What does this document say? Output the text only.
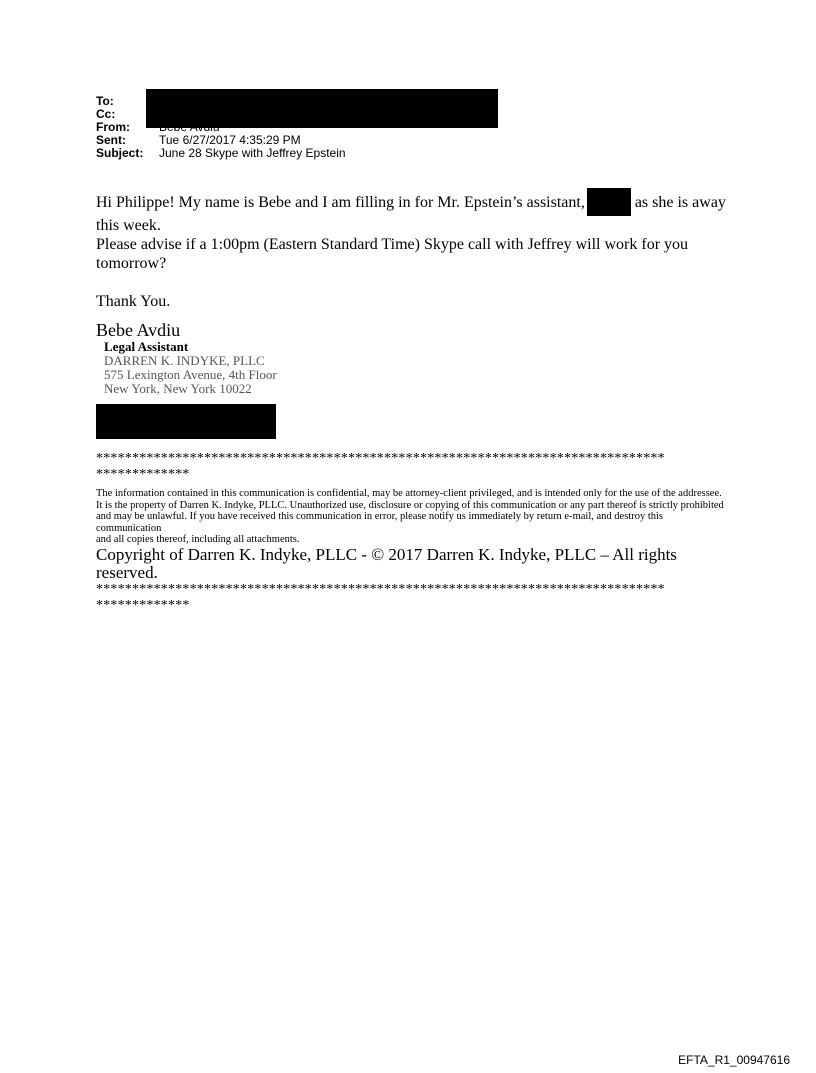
To:
Cc:
From:
Sent:	Tue 6/27/2017 4:35:29 PM
Subject:	June 28 Skype with Jeffrey Epstein

Hi Philippe! My name is Bebe and I am filling in for Mr. Epstein’s assistant,	as she is away

this week.

Please advise if a 1:00pm (Eastern Standard Time) Skype call with Jeffrey will work for you

tomorrow?

Thank You.

Bebe Avdiu
Legal Assistant
DARREN K. INDYKE, PLLC
575 Lexington Avenue, 4th Floor
New York, New York 10022
*******************************************************************************
*************
The information contained in this communication is confidential, may be attorney-client privileged, and is intended only for the use of the addressee.
It is the property of Darren K. Indyke, PLLC. Unauthorized use, disclosure or copying of this communication or any part thereof is strictly prohibited
and may be unlawful. If you have received this communication in error, please notify us immediately by return e-mail, and destroy this communication
and all copies thereof, including all attachments.
Copyright of Darren K. Indyke, PLLC - © 2017 Darren K. Indyke, PLLC – All rights reserved.
*******************************************************************************
*************
EFTA_R1_00947616
